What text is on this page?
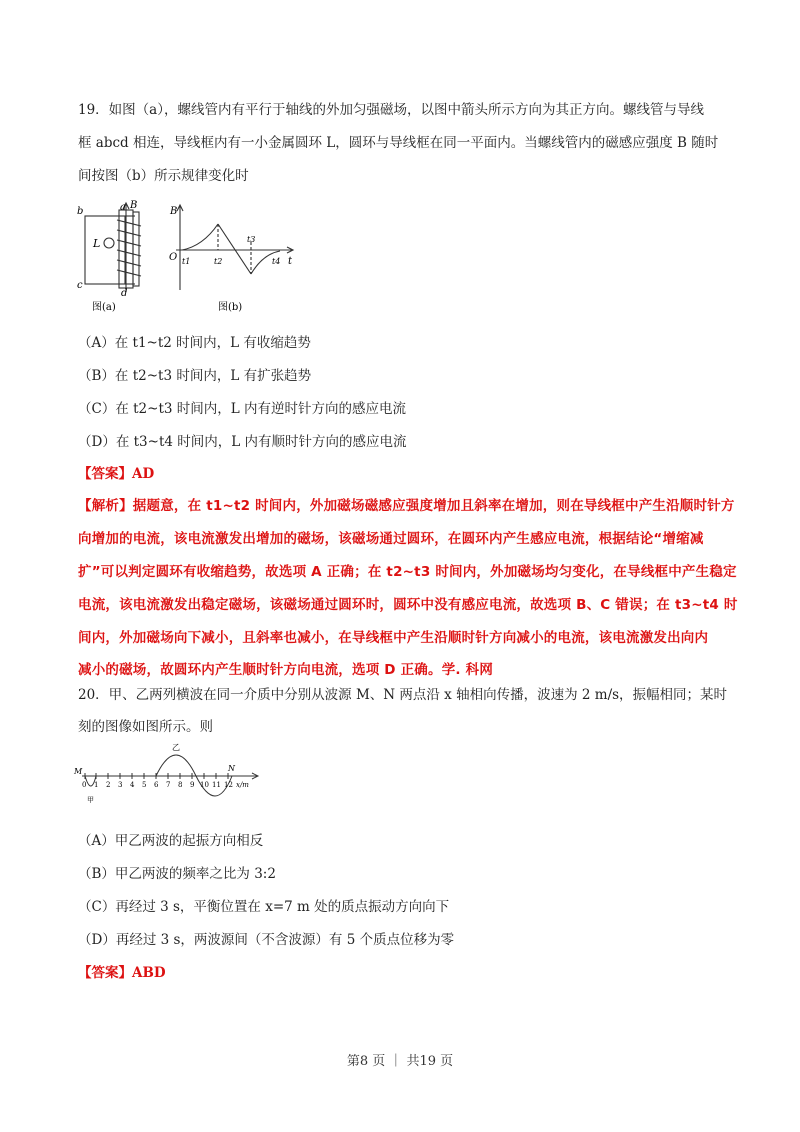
19．如图（a），螺线管内有平行于轴线的外加匀强磁场，以图中箭头所示方向为其正方向。螺线管与导线
框 abcd 相连，导线框内有一小金属圆环 L，圆环与导线框在同一平面内。当螺线管内的磁感应强度 B 随时
间按图（b）所示规律变化时
b	a B
L
c
d
图(a)
B
O t1	t2
t3
t4 t
图(b)
（A）在 t1~t2 时间内，L 有收缩趋势
（B）在 t2~t3 时间内，L 有扩张趋势
（C）在 t2~t3 时间内，L 内有逆时针方向的感应电流
（D）在 t3~t4 时间内，L 内有顺时针方向的感应电流
【答案】AD
【解析】据题意，在 t1~t2 时间内，外加磁场磁感应强度增加且斜率在增加，则在导线框中产生沿顺时针方
向增加的电流，该电流激发出增加的磁场，该磁场通过圆环，在圆环内产生感应电流，根据结论“增缩减
扩”可以判定圆环有收缩趋势，故选项 A 正确；在 t2~t3 时间内，外加磁场均匀变化，在导线框中产生稳定
电流，该电流激发出稳定磁场，该磁场通过圆环时，圆环中没有感应电流，故选项 B、C 错误；在 t3~t4 时
间内，外加磁场向下减小，且斜率也减小，在导线框中产生沿顺时针方向减小的电流，该电流激发出向内
减小的磁场，故圆环内产生顺时针方向电流，选项 D 正确。学. 科网
20．甲、乙两列横波在同一介质中分别从波源 M、N 两点沿 x 轴相向传播，波速为 2 m/s，振幅相同；某时
刻的图像如图所示。则
乙
甲
M	N
x/m
0 1 2 3 4 5 6 7 8 9 10 11 12
（A）甲乙两波的起振方向相反
（B）甲乙两波的频率之比为 3:2
（C）再经过 3 s，平衡位置在 x=7 m 处的质点振动方向向下
（D）再经过 3 s，两波源间（不含波源）有 5 个质点位移为零
【答案】ABD
第8 页 ｜ 共19 页
